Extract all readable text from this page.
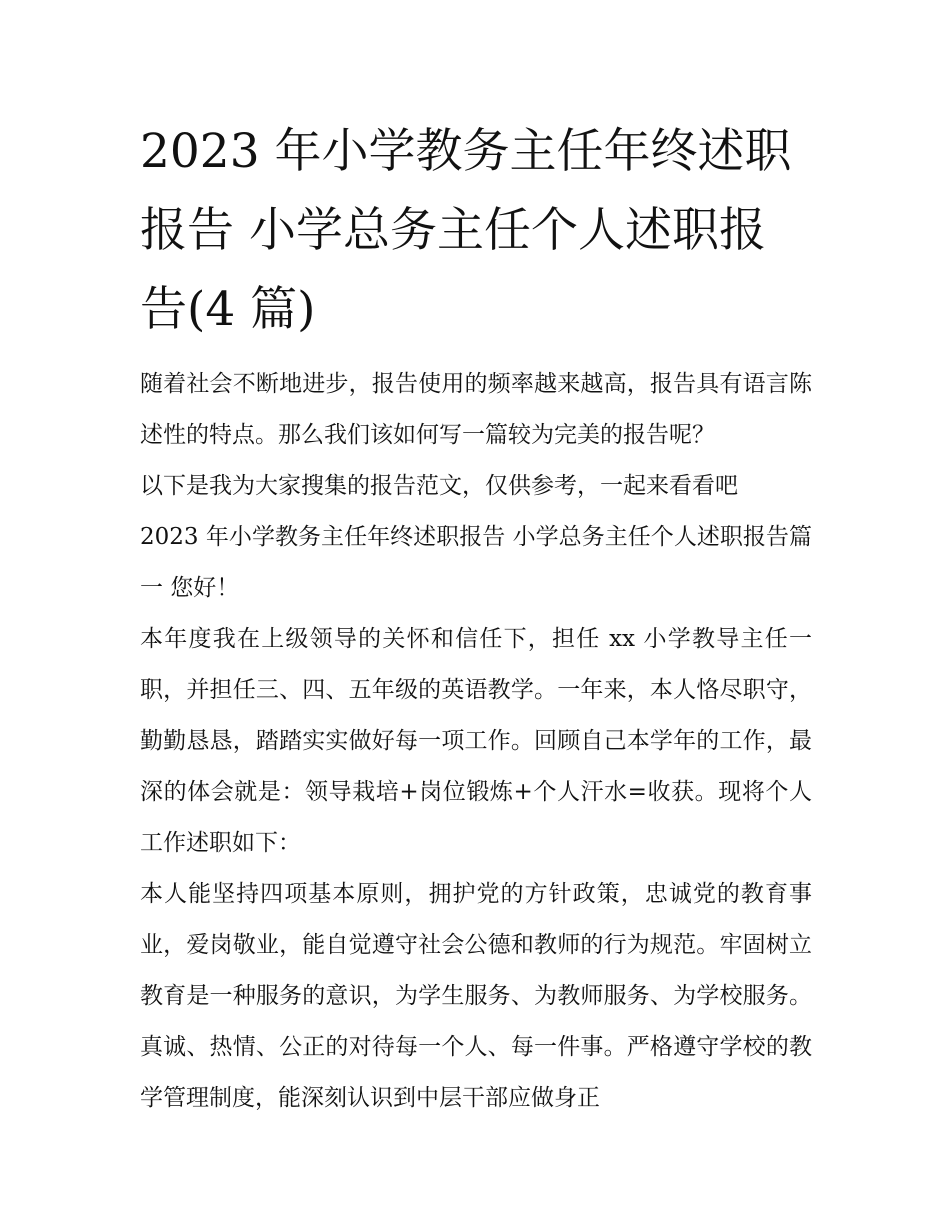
2023 年小学教务主任年终述职
报告 小学总务主任个人述职报
告(4 篇)

随着社会不断地进步，报告使用的频率越来越高，报告具有语言陈述性的特点。那么我们该如何写一篇较为完美的报告呢？

以下是我为大家搜集的报告范文，仅供参考，一起来看看吧

2023 年小学教务主任年终述职报告 小学总务主任个人述职报告篇一 您好！

本年度我在上级领导的关怀和信任下，担任 xx 小学教导主任一职，并担任三、四、五年级的英语教学。一年来，本人恪尽职守，勤勤恳恳，踏踏实实做好每一项工作。回顾自己本学年的工作，最深的体会就是：领导栽培+岗位锻炼+个人汗水=收获。现将个人工作述职如下：

本人能坚持四项基本原则，拥护党的方针政策，忠诚党的教育事业，爱岗敬业，能自觉遵守社会公德和教师的行为规范。牢固树立教育是一种服务的意识，为学生服务、为教师服务、为学校服务。真诚、热情、公正的对待每一个人、每一件事。严格遵守学校的教学管理制度，能深刻认识到中层干部应做身正
